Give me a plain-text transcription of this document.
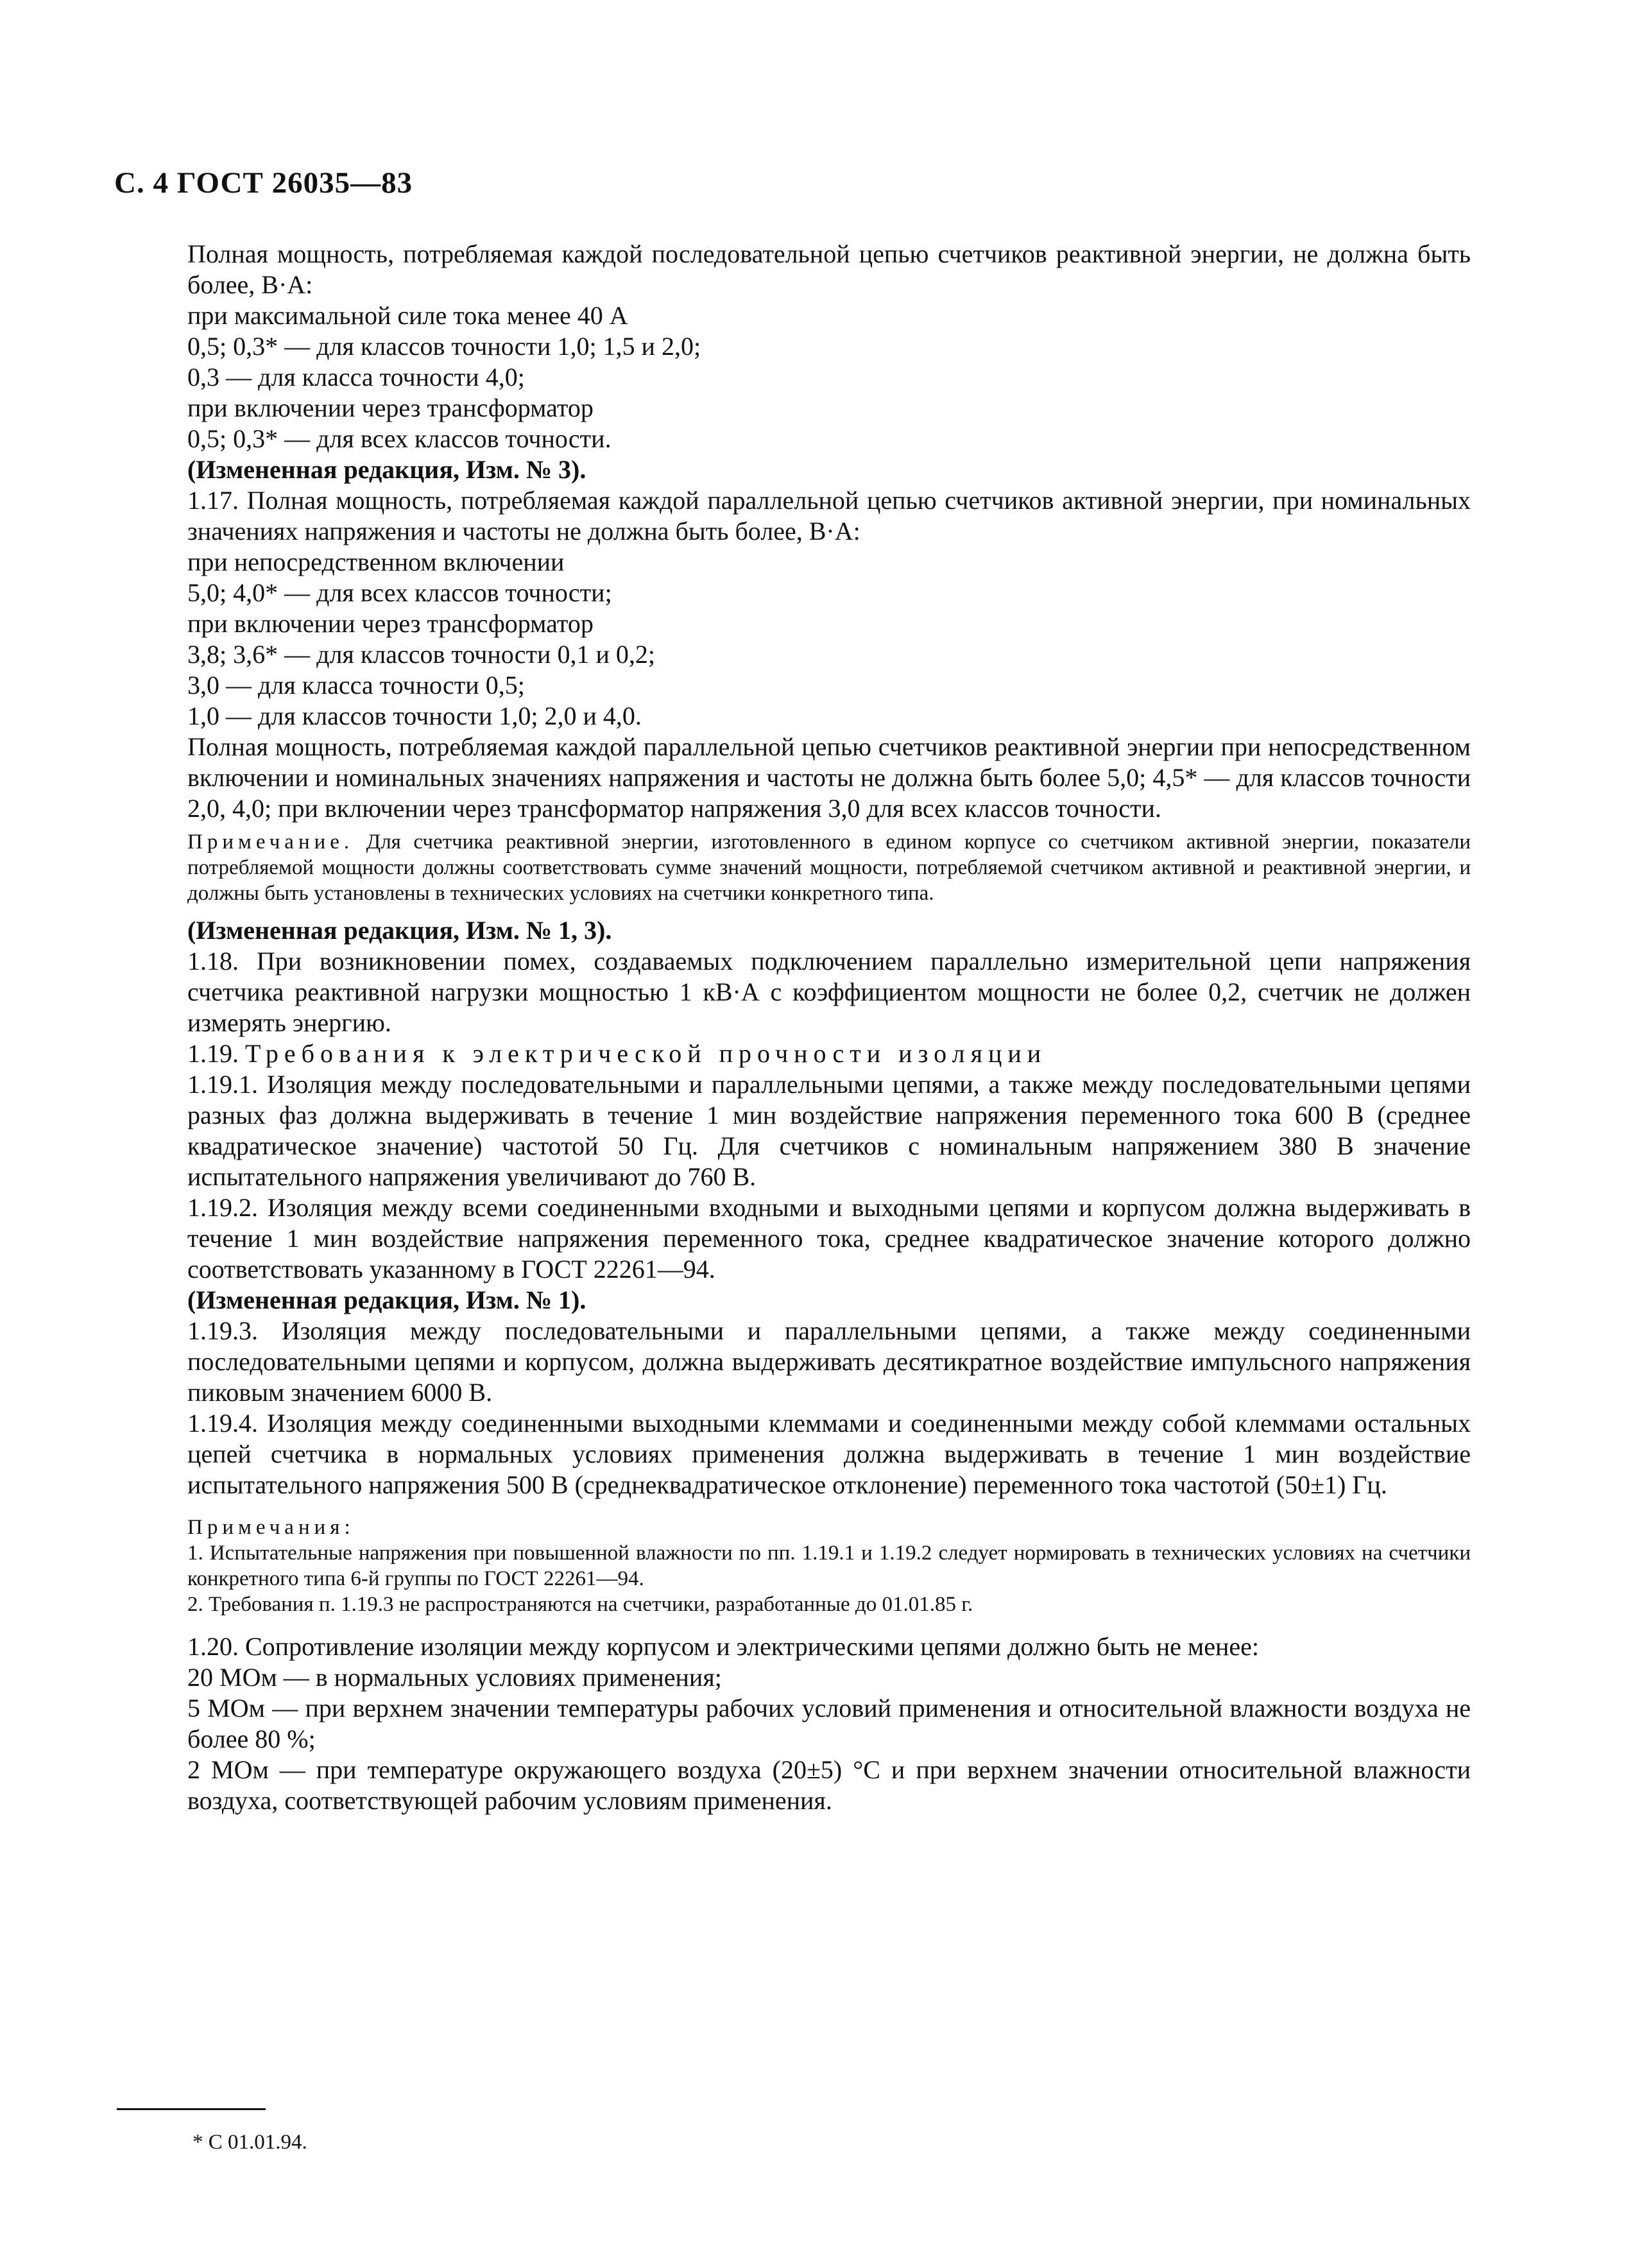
С. 4 ГОСТ 26035—83

Полная мощность, потребляемая каждой последовательной цепью счетчиков реактивной энергии, не должна быть более, В·А:

при максимальной силе тока менее 40 А

0,5; 0,3* — для классов точности 1,0; 1,5 и 2,0;

0,3 — для класса точности 4,0;

при включении через трансформатор

0,5; 0,3* — для всех классов точности.

(Измененная редакция, Изм. № 3).

1.17. Полная мощность, потребляемая каждой параллельной цепью счетчиков активной энергии, при номинальных значениях напряжения и частоты не должна быть более, В·А:

при непосредственном включении

5,0; 4,0* — для всех классов точности;

при включении через трансформатор

3,8; 3,6* — для классов точности 0,1 и 0,2;

3,0 — для класса точности 0,5;

1,0 — для классов точности 1,0; 2,0 и 4,0.

Полная мощность, потребляемая каждой параллельной цепью счетчиков реактивной энергии при непосредственном включении и номинальных значениях напряжения и частоты не должна быть более 5,0; 4,5* — для классов точности 2,0, 4,0; при включении через трансформатор напряжения 3,0 для всех классов точности.

Примечание. Для счетчика реактивной энергии, изготовленного в едином корпусе со счетчиком активной энергии, показатели потребляемой мощности должны соответствовать сумме значений мощности, потребляемой счетчиком активной и реактивной энергии, и должны быть установлены в технических условиях на счетчики конкретного типа.

(Измененная редакция, Изм. № 1, 3).

1.18. При возникновении помех, создаваемых подключением параллельно измерительной цепи напряжения счетчика реактивной нагрузки мощностью 1 кВ·А с коэффициентом мощности не более 0,2, счетчик не должен измерять энергию.

1.19. Требования к электрической прочности изоляции

1.19.1. Изоляция между последовательными и параллельными цепями, а также между последовательными цепями разных фаз должна выдерживать в течение 1 мин воздействие напряжения переменного тока 600 В (среднее квадратическое значение) частотой 50 Гц. Для счетчиков с номинальным напряжением 380 В значение испытательного напряжения увеличивают до 760 В.

1.19.2. Изоляция между всеми соединенными входными и выходными цепями и корпусом должна выдерживать в течение 1 мин воздействие напряжения переменного тока, среднее квадратическое значение которого должно соответствовать указанному в ГОСТ 22261—94.

(Измененная редакция, Изм. № 1).

1.19.3. Изоляция между последовательными и параллельными цепями, а также между соединенными последовательными цепями и корпусом, должна выдерживать десятикратное воздействие импульсного напряжения пиковым значением 6000 В.

1.19.4. Изоляция между соединенными выходными клеммами и соединенными между собой клеммами остальных цепей счетчика в нормальных условиях применения должна выдерживать в течение 1 мин воздействие испытательного напряжения 500 В (среднеквадратическое отклонение) переменного тока частотой (50±1) Гц.

Примечания:

1. Испытательные напряжения при повышенной влажности по пп. 1.19.1 и 1.19.2 следует нормировать в технических условиях на счетчики конкретного типа 6-й группы по ГОСТ 22261—94.

2. Требования п. 1.19.3 не распространяются на счетчики, разработанные до 01.01.85 г.

1.20. Сопротивление изоляции между корпусом и электрическими цепями должно быть не менее:

20 МОм — в нормальных условиях применения;

5 МОм — при верхнем значении температуры рабочих условий применения и относительной влажности воздуха не более 80 %;

2 МОм — при температуре окружающего воздуха (20±5) °С и при верхнем значении относительной влажности воздуха, соответствующей рабочим условиям применения.

* С 01.01.94.
